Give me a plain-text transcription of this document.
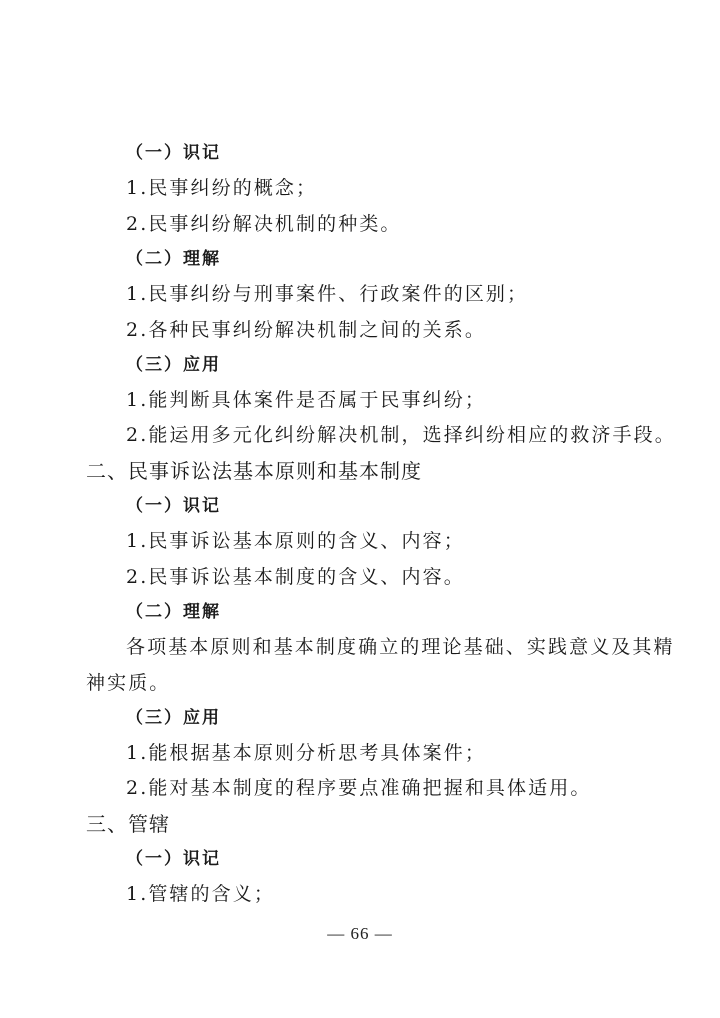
（一）识记
1.民事纠纷的概念；
2.民事纠纷解决机制的种类。
（二）理解
1.民事纠纷与刑事案件、行政案件的区别；
2.各种民事纠纷解决机制之间的关系。
（三）应用
1.能判断具体案件是否属于民事纠纷；
2.能运用多元化纠纷解决机制，选择纠纷相应的救济手段。
二、民事诉讼法基本原则和基本制度
（一）识记
1.民事诉讼基本原则的含义、内容；
2.民事诉讼基本制度的含义、内容。
（二）理解
各项基本原则和基本制度确立的理论基础、实践意义及其精
神实质。
（三）应用
1.能根据基本原则分析思考具体案件；
2.能对基本制度的程序要点准确把握和具体适用。
三、管辖
（一）识记
1.管辖的含义；
— 66 —
